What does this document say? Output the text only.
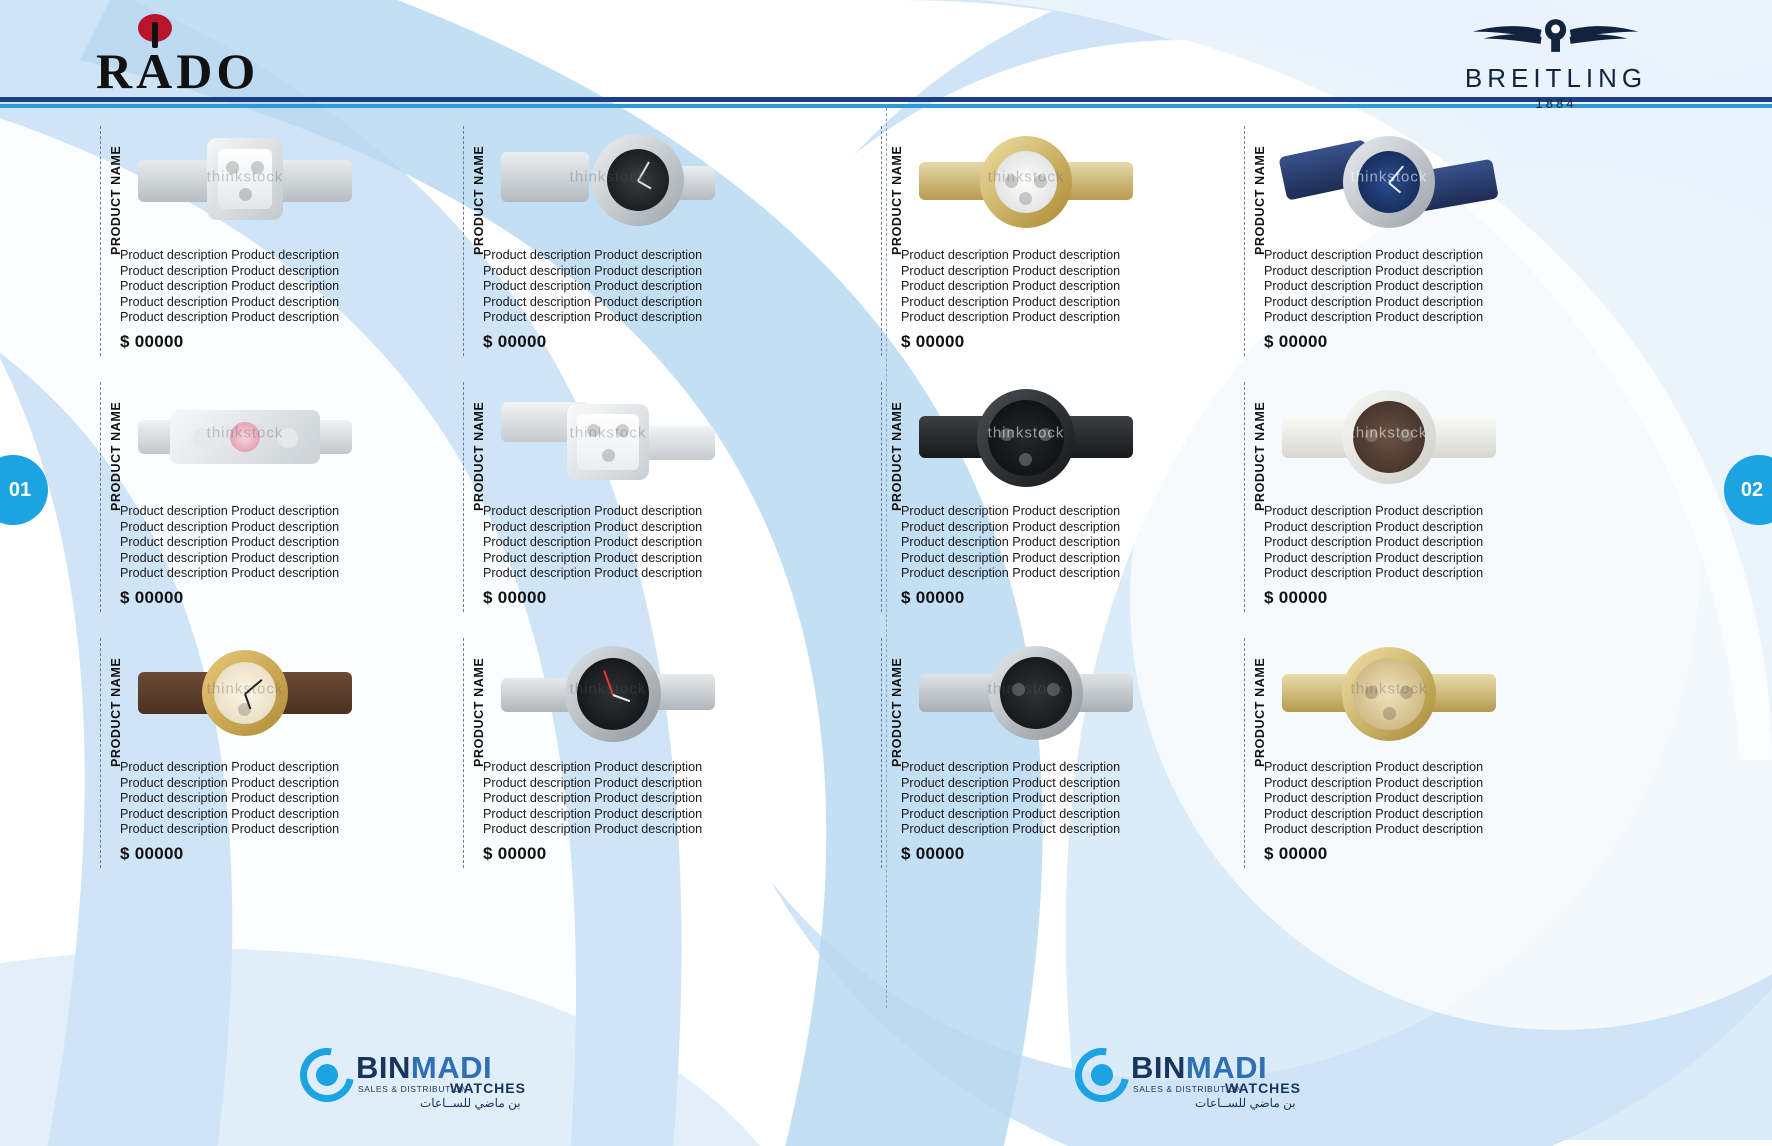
RADO	BREITLING
1884
01	02
PRODUCT NAME	thinkstock
Product description Product description Product description Product description Product description Product description Product description Product description Product description Product description
$ 00000
PRODUCT NAME	thinkstock
Product description Product description Product description Product description Product description Product description Product description Product description Product description Product description
$ 00000
PRODUCT NAME	thinkstock
Product description Product description Product description Product description Product description Product description Product description Product description Product description Product description
$ 00000
PRODUCT NAME	thinkstock
Product description Product description Product description Product description Product description Product description Product description Product description Product description Product description
$ 00000
PRODUCT NAME	thinkstock
Product description Product description Product description Product description Product description Product description Product description Product description Product description Product description
$ 00000
PRODUCT NAME	thinkstock
Product description Product description Product description Product description Product description Product description Product description Product description Product description Product description
$ 00000
PRODUCT NAME	thinkstock
Product description Product description Product description Product description Product description Product description Product description Product description Product description Product description
$ 00000
PRODUCT NAME	thinkstock
Product description Product description Product description Product description Product description Product description Product description Product description Product description Product description
$ 00000
PRODUCT NAME	thinkstock
Product description Product description Product description Product description Product description Product description Product description Product description Product description Product description
$ 00000
PRODUCT NAME	thinkstock
Product description Product description Product description Product description Product description Product description Product description Product description Product description Product description
$ 00000
PRODUCT NAME	thinkstock
Product description Product description Product description Product description Product description Product description Product description Product description Product description Product description
$ 00000
PRODUCT NAME	thinkstock
Product description Product description Product description Product description Product description Product description Product description Product description Product description Product description
$ 00000
BINMADI
SALES & DISTRIBUTION
WATCHES
بن ماضي للســاعات
BINMADI
SALES & DISTRIBUTION
WATCHES
بن ماضي للســاعات
